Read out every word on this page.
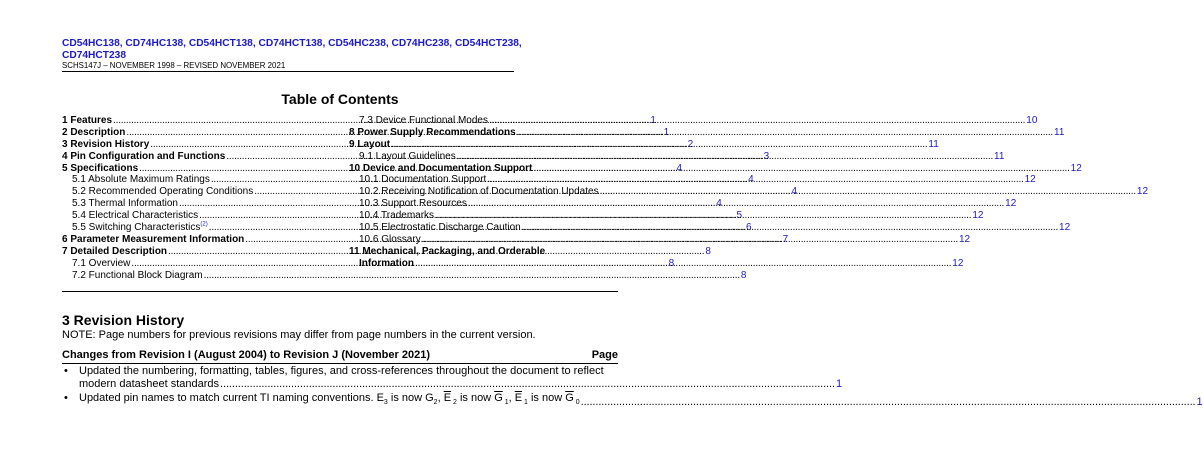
CD54HC138, CD74HC138, CD54HCT138, CD74HCT138, CD54HC238, CD74HC238, CD54HCT238, CD74HCT238
SCHS147J – NOVEMBER 1998 – REVISED NOVEMBER 2021
Table of Contents
1 Features .....	1
2 Description .....	1
3 Revision History .....	2
4 Pin Configuration and Functions .....	3
5 Specifications .....	4
5.1 Absolute Maximum Ratings .....	4
5.2 Recommended Operating Conditions .....	4
5.3 Thermal Information .....	4
5.4 Electrical Characteristics .....	5
5.5 Switching Characteristics$^{(2)}$ .....	6
6 Parameter Measurement Information .....	7
7 Detailed Description .....	8
7.1 Overview .....	8
7.2 Functional Block Diagram .....	8
7.3 Device Functional Modes .....	10
8 Power Supply Recommendations .....	11
9 Layout .....	11
9.1 Layout Guidelines .....	11
10 Device and Documentation Support .....	12
10.1 Documentation Support .....	12
10.2 Receiving Notification of Documentation Updates .....	12
10.3 Support Resources .....	12
10.4 Trademarks .....	12
10.5 Electrostatic Discharge Caution .....	12
10.6 Glossary .....	12
11 Mechanical, Packaging, and Orderable
Information .....	12
3 Revision History
NOTE: Page numbers for previous revisions may differ from page numbers in the current version.
Changes from Revision I (August 2004) to Revision J (November 2021)	Page
• Updated the numbering, formatting, tables, figures, and cross-references throughout the document to reflect
modern datasheet standards .....	1
• Updated pin names to match current TI naming conventions. $E_3$ is now $G_2$, $\overline{E}$ $_2$ is now $\overline{G}$ $_1$, $\overline{E}$ $_1$ is now $\overline{G}$ $_0$ .....	1
